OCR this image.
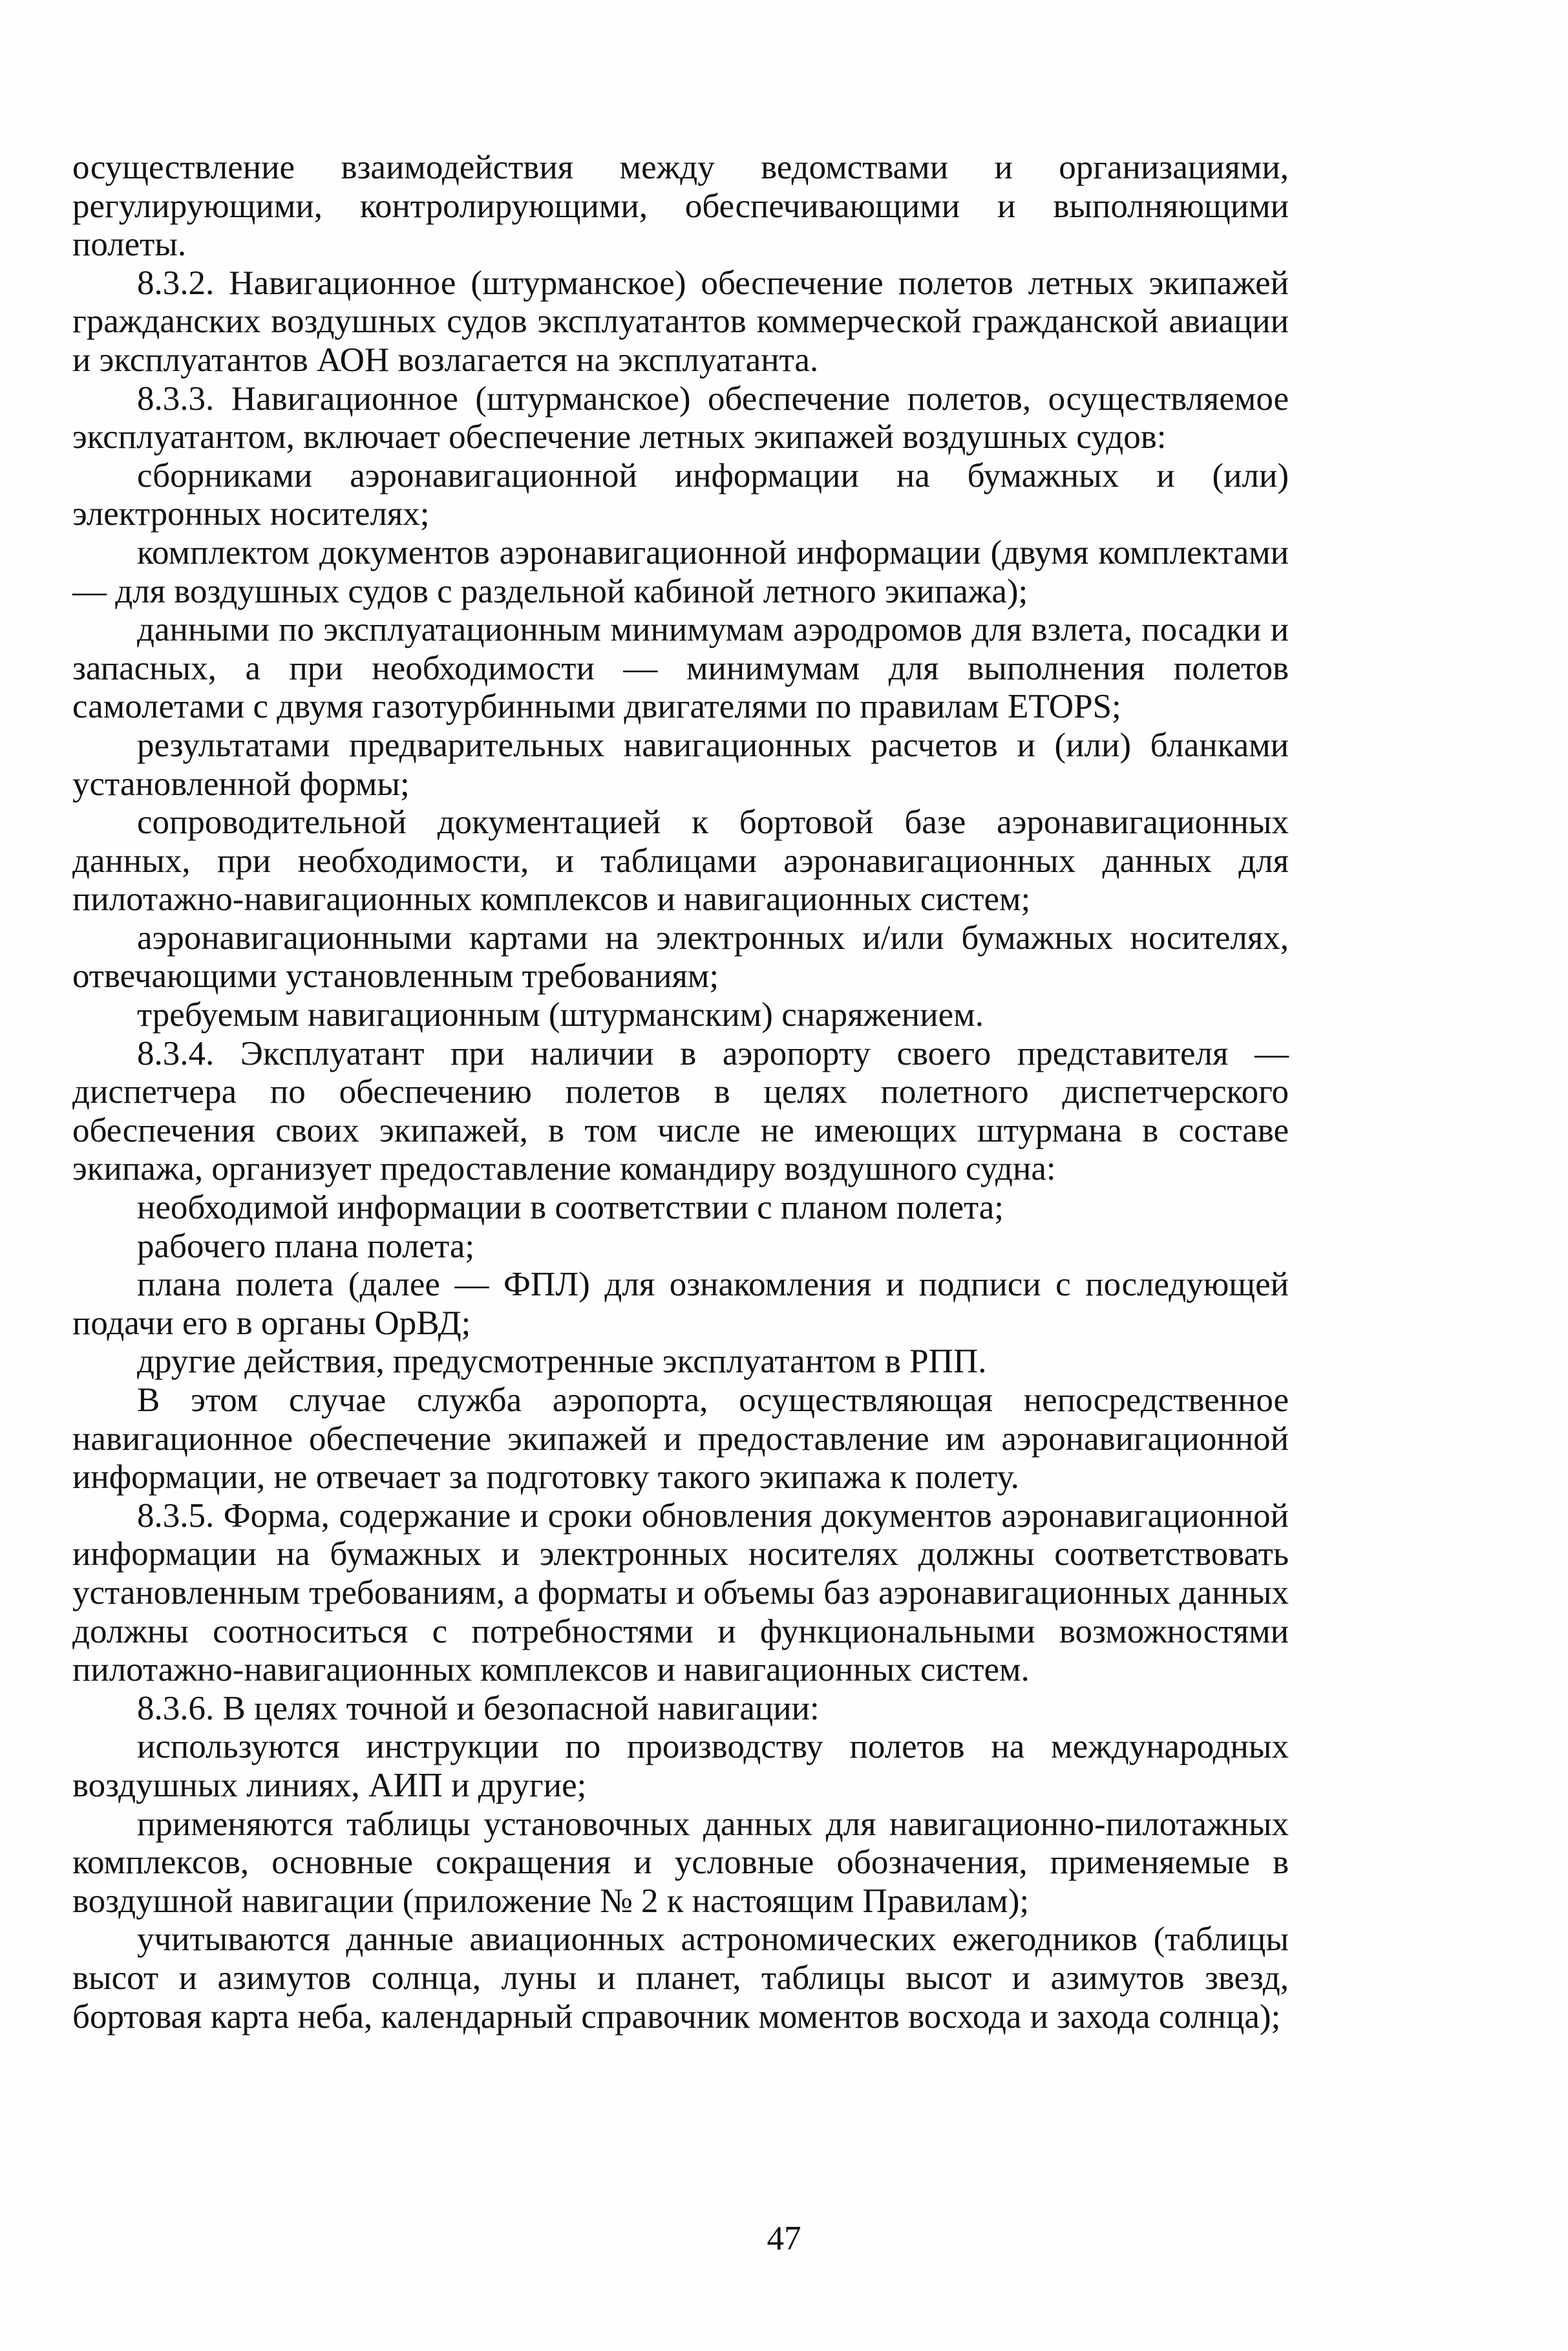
осуществление взаимодействия между ведомствами и организациями, регулирующими, контролирующими, обеспечивающими и выполняющими полеты.

8.3.2. Навигационное (штурманское) обеспечение полетов летных экипажей гражданских воздушных судов эксплуатантов коммерческой гражданской авиации и эксплуатантов АОН возлагается на эксплуатанта.

8.3.3. Навигационное (штурманское) обеспечение полетов, осуществляемое эксплуатантом, включает обеспечение летных экипажей воздушных судов:

сборниками аэронавигационной информации на бумажных и (или) электронных носителях;

комплектом документов аэронавигационной информации (двумя комплектами — для воздушных судов с раздельной кабиной летного экипажа);

данными по эксплуатационным минимумам аэродромов для взлета, посадки и запасных, а при необходимости — минимумам для выполнения полетов самолетами с двумя газотурбинными двигателями по правилам ETOPS;

результатами предварительных навигационных расчетов и (или) бланками установленной формы;

сопроводительной документацией к бортовой базе аэронавигационных данных, при необходимости, и таблицами аэронавигационных данных для пилотажно-навигационных комплексов и навигационных систем;

аэронавигационными картами на электронных и/или бумажных носителях, отвечающими установленным требованиям;

требуемым навигационным (штурманским) снаряжением.

8.3.4. Эксплуатант при наличии в аэропорту своего представителя — диспетчера по обеспечению полетов в целях полетного диспетчерского обеспечения своих экипажей, в том числе не имеющих штурмана в составе экипажа, организует предоставление командиру воздушного судна:

необходимой информации в соответствии с планом полета;

рабочего плана полета;

плана полета (далее — ФПЛ) для ознакомления и подписи с последующей подачи его в органы ОрВД;

другие действия, предусмотренные эксплуатантом в РПП.

В этом случае служба аэропорта, осуществляющая непосредственное навигационное обеспечение экипажей и предоставление им аэронавигационной информации, не отвечает за подготовку такого экипажа к полету.

8.3.5. Форма, содержание и сроки обновления документов аэронавигационной информации на бумажных и электронных носителях должны соответствовать установленным требованиям, а форматы и объемы баз аэронавигационных данных должны соотноситься с потребностями и функциональными возможностями пилотажно-навигационных комплексов и навигационных систем.

8.3.6. В целях точной и безопасной навигации:

используются инструкции по производству полетов на международных воздушных линиях, АИП и другие;

применяются таблицы установочных данных для навигационно-пилотажных комплексов, основные сокращения и условные обозначения, применяемые в воздушной навигации (приложение № 2 к настоящим Правилам);

учитываются данные авиационных астрономических ежегодников (таблицы высот и азимутов солнца, луны и планет, таблицы высот и азимутов звезд, бортовая карта неба, календарный справочник моментов восхода и захода солнца);

47
